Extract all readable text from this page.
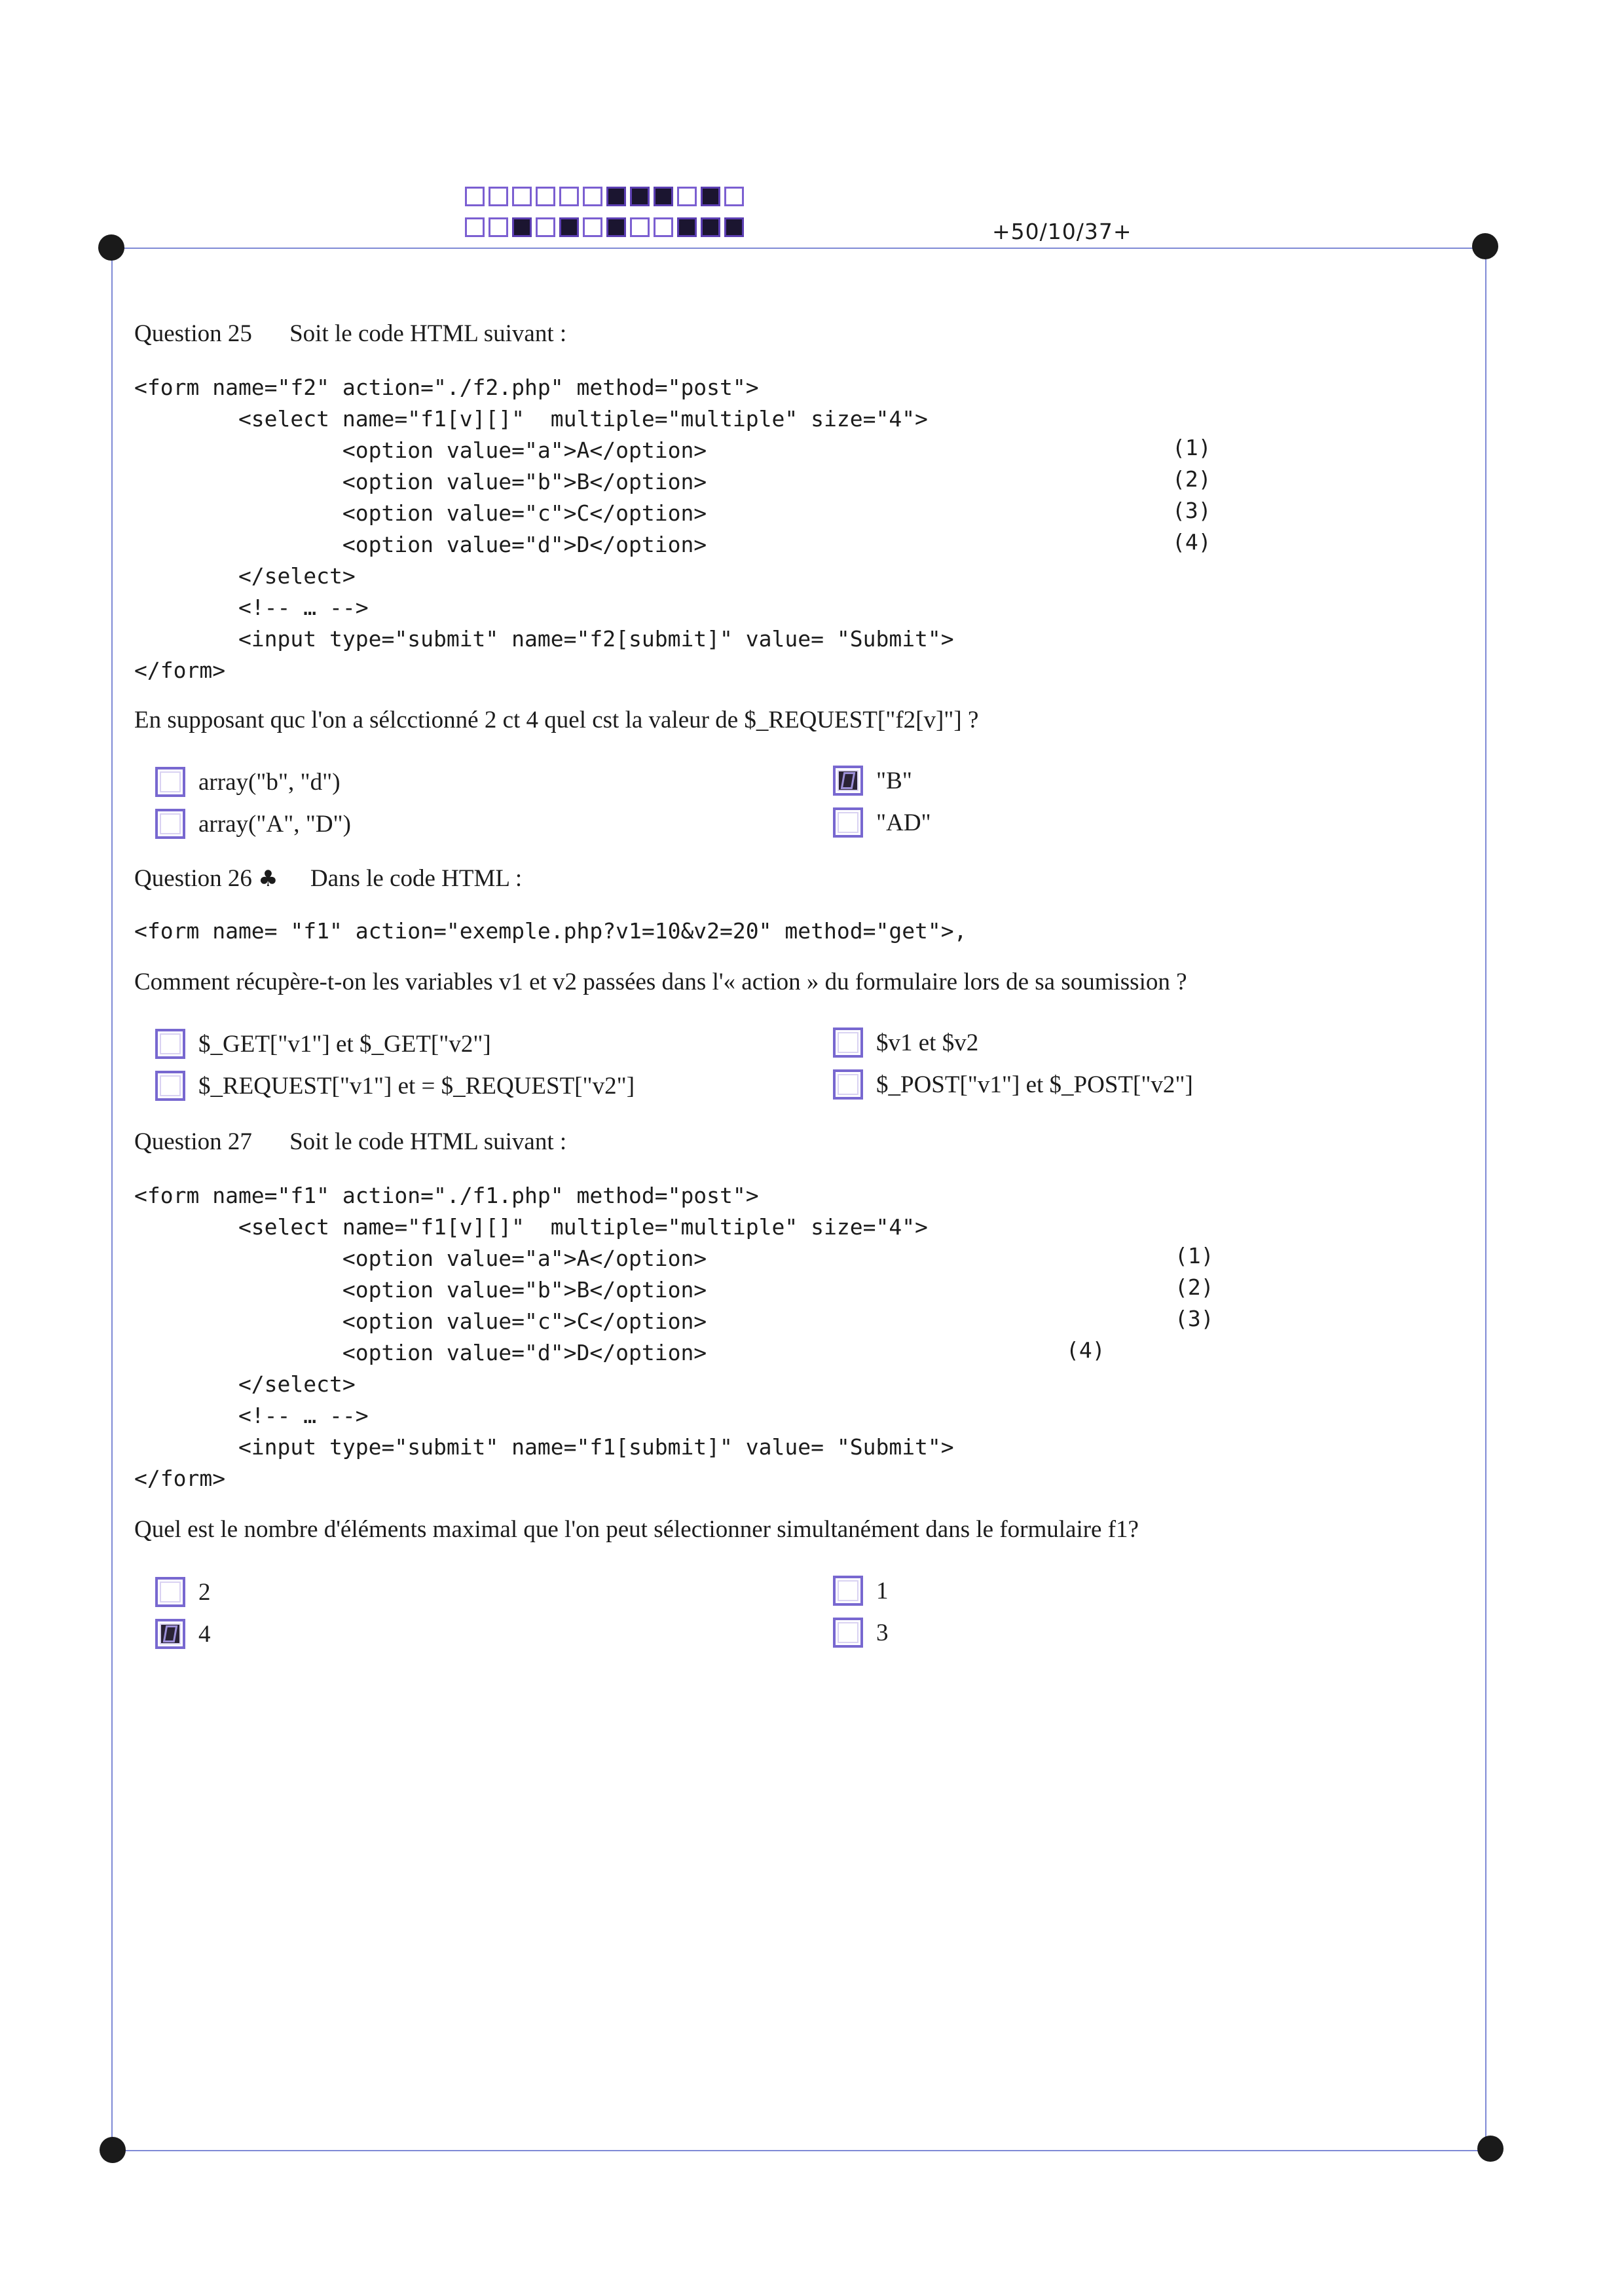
+50/10/37+
Question 25 Soit le code HTML suivant :
<form name="f2" action="./f2.php" method="post">
<select name="f1[v][]"  multiple="multiple" size="4">
<option value="a">A</option>
<option value="b">B</option>
<option value="c">C</option>
<option value="d">D</option>
</select>
<!-- … -->
<input type="submit" name="f2[submit]" value= "Submit">
</form>
(1)
(2)
(3)
(4)
En supposant quc l'on a sélcctionné 2 ct 4 quel cst la valeur de $_REQUEST["f2[v]"] ?
array("b", "d")	"B"
array("A", "D")	"AD"
Question 26 ♣ Dans le code HTML :
<form name= "f1" action="exemple.php?v1=10&v2=20" method="get">,
Comment récupère-t-on les variables v1 et v2 passées dans l'« action » du formulaire lors de sa soumission ?
$_GET["v1"] et $_GET["v2"]	$v1 et $v2
$_REQUEST["v1"] et = $_REQUEST["v2"]	$_POST["v1"] et $_POST["v2"]
Question 27 Soit le code HTML suivant :
<form name="f1" action="./f1.php" method="post">
<select name="f1[v][]"  multiple="multiple" size="4">
<option value="a">A</option>
<option value="b">B</option>
<option value="c">C</option>
<option value="d">D</option>
</select>
<!-- … -->
<input type="submit" name="f1[submit]" value= "Submit">
</form>
(1)
(2)
(3)
(4)
Quel est le nombre d'éléments maximal que l'on peut sélectionner simultanément dans le formulaire f1?
2	1
4	3
